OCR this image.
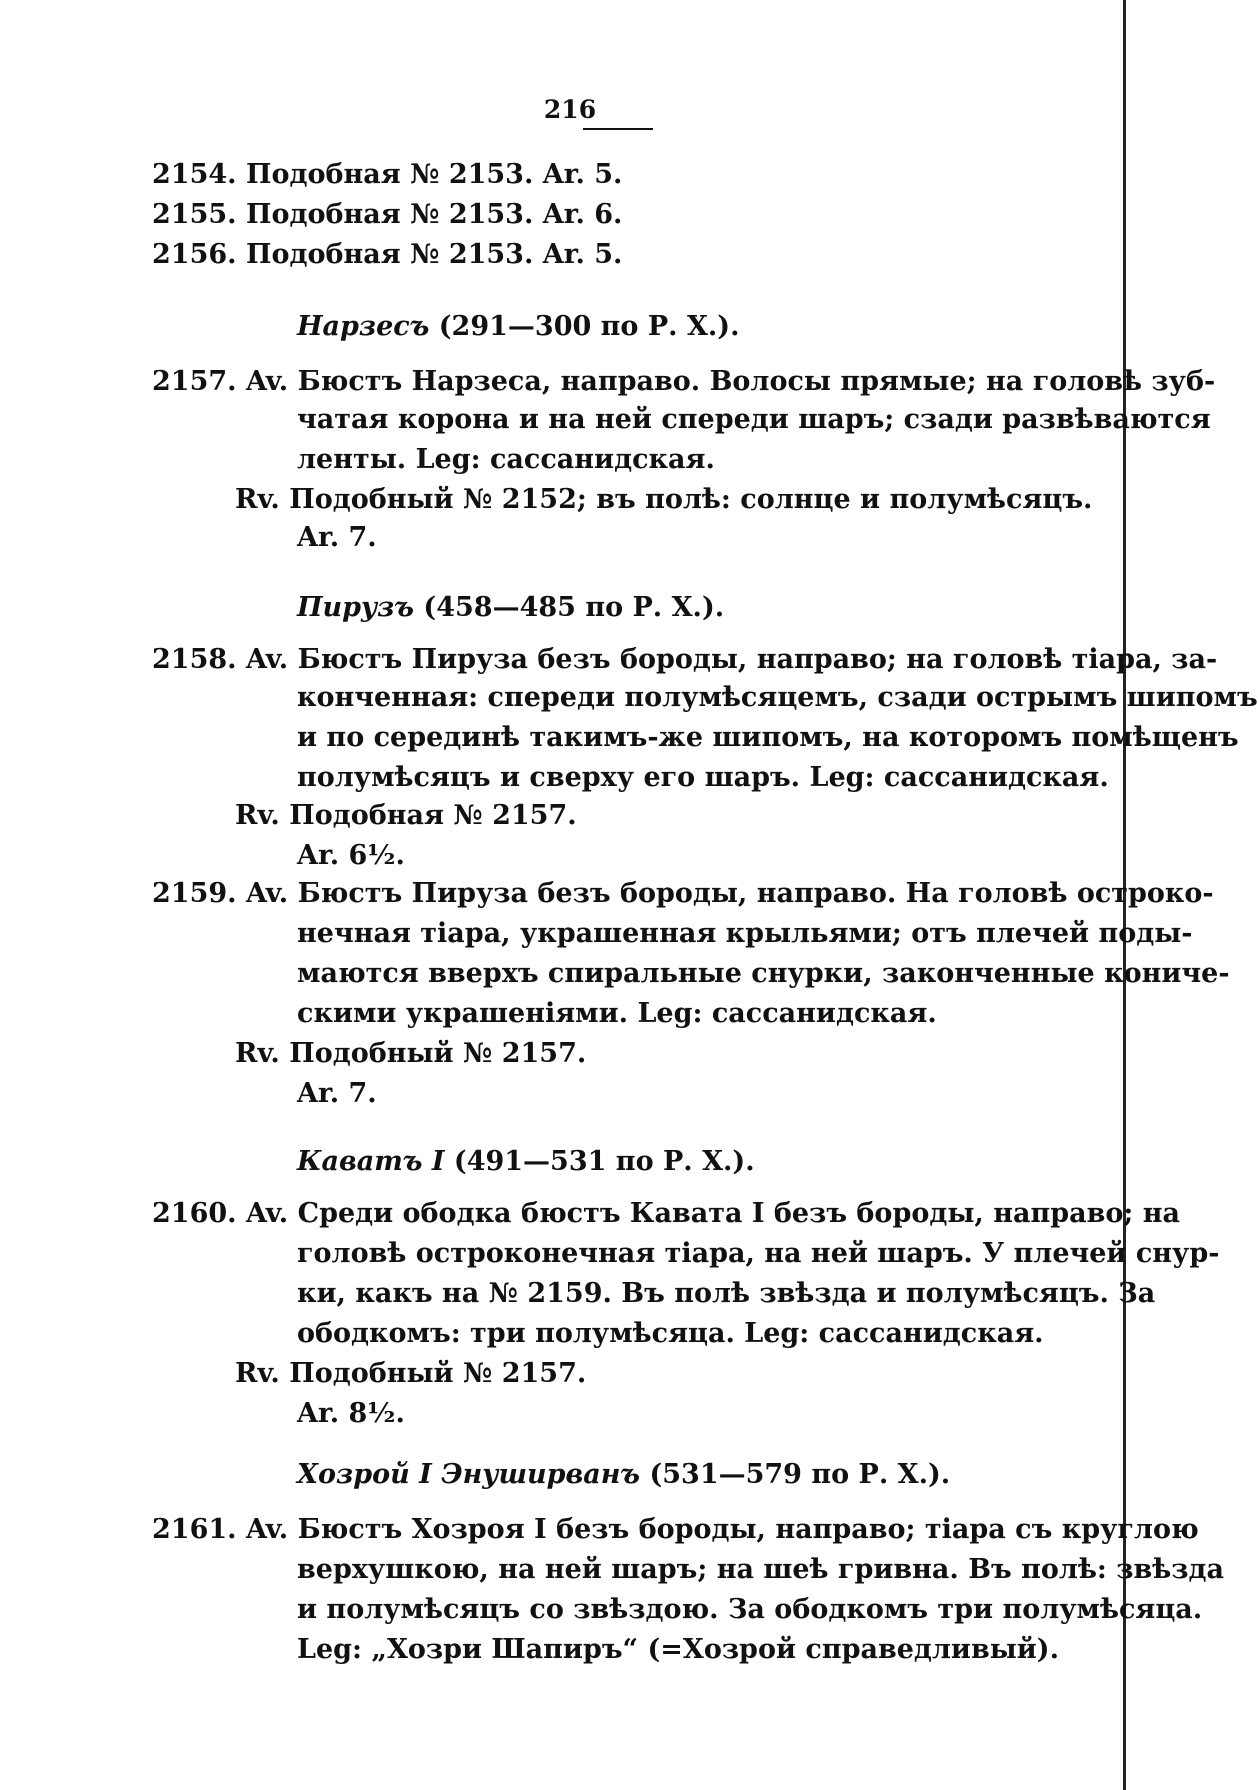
216
2154. Подобная № 2153. Ar. 5.
2155. Подобная № 2153. Ar. 6.
2156. Подобная № 2153. Ar. 5.
Нарзесъ (291—300 по Р. Х.).
2157. Av. Бюстъ Нарзеса, направо. Волосы прямые; на головѣ зуб-
чатая корона и на ней спереди шаръ; сзади развѣваются
ленты. Leg: сассанидская.
Rv. Подобный № 2152; въ полѣ: солнце и полумѣсяцъ.
Ar. 7.
Пирузъ (458—485 по Р. Х.).
2158. Av. Бюстъ Пируза безъ бороды, направо; на головѣ тіара, за-
конченная: спереди полумѣсяцемъ, сзади острымъ шипомъ
и по серединѣ такимъ-же шипомъ, на которомъ помѣщенъ
полумѣсяцъ и сверху его шаръ. Leg: сассанидская.
Rv. Подобная № 2157.
Ar. 6½.
2159. Av. Бюстъ Пируза безъ бороды, направо. На головѣ остроко-
нечная тіара, украшенная крыльями; отъ плечей поды-
маются вверхъ спиральные снурки, законченные кониче-
скими украшеніями. Leg: сассанидская.
Rv. Подобный № 2157.
Ar. 7.
Каватъ I (491—531 по Р. Х.).
2160. Av. Среди ободка бюстъ Кавата I безъ бороды, направо; на
головѣ остроконечная тіара, на ней шаръ. У плечей снур-
ки, какъ на № 2159. Въ полѣ звѣзда и полумѣсяцъ. За
ободкомъ: три полумѣсяца. Leg: сассанидская.
Rv. Подобный № 2157.
Ar. 8½.
Хозрой I Энуширванъ (531—579 по Р. Х.).
2161. Av. Бюстъ Хозроя I безъ бороды, направо; тіара съ круглою
верхушкою, на ней шаръ; на шеѣ гривна. Въ полѣ: звѣзда
и полумѣсяцъ со звѣздою. За ободкомъ три полумѣсяца.
Leg: „Хозри Шапиръ“ (=Хозрой справедливый).
